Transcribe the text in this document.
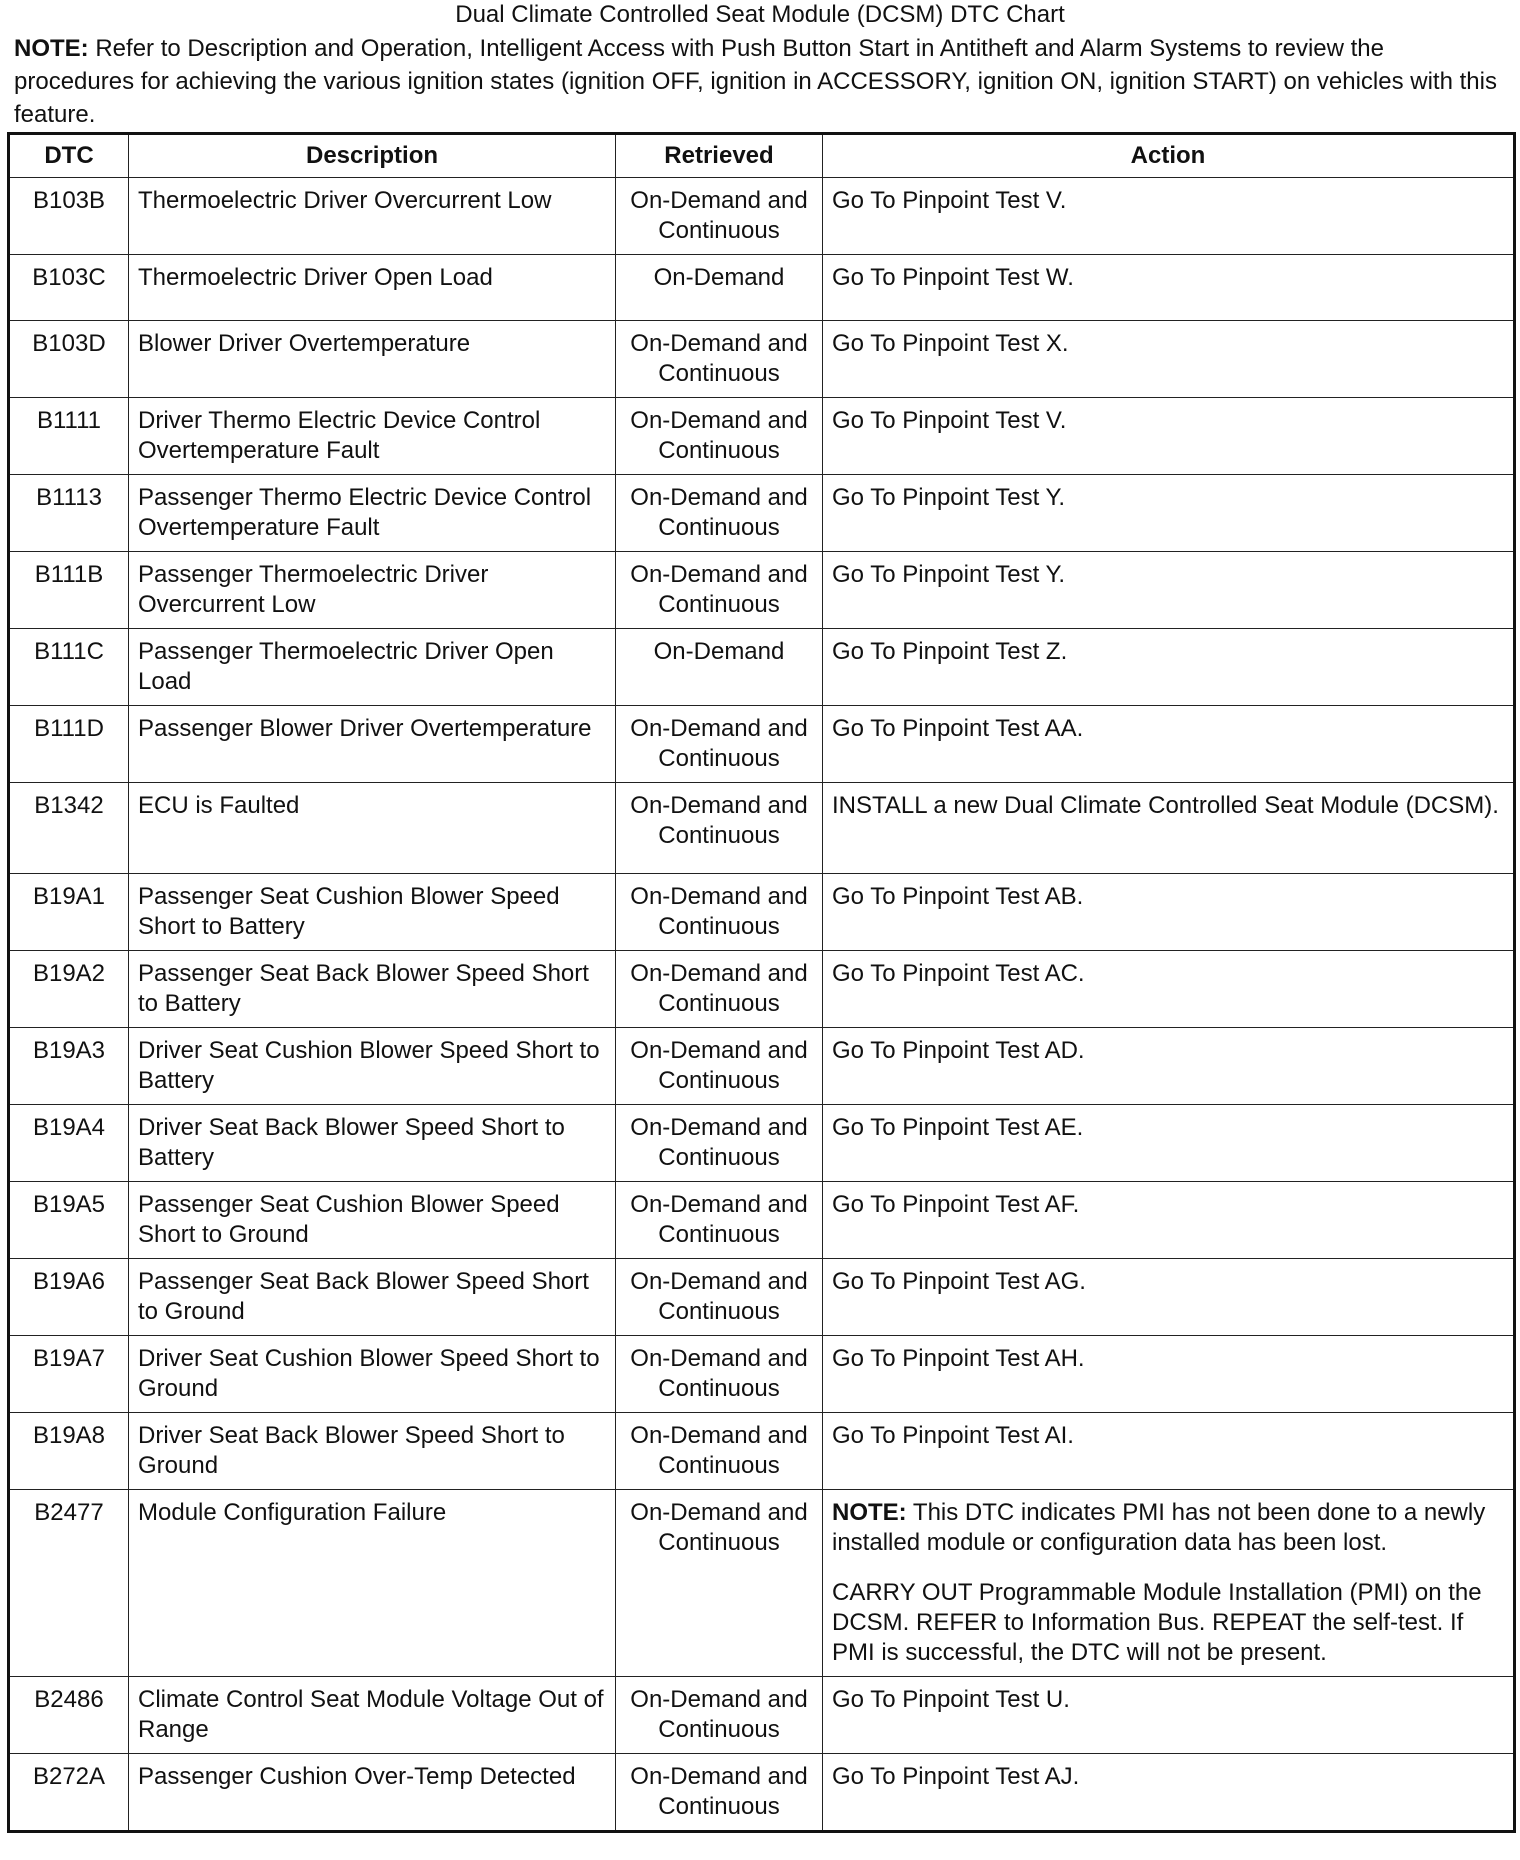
Dual Climate Controlled Seat Module (DCSM) DTC Chart
NOTE: Refer to Description and Operation, Intelligent Access with Push Button Start in Antitheft and Alarm Systems to review the procedures for achieving the various ignition states (ignition OFF, ignition in ACCESSORY, ignition ON, ignition START) on vehicles with this feature.
DTC	Description	Retrieved	Action
B103B	Thermoelectric Driver Overcurrent Low	On-Demand and Continuous	Go To Pinpoint Test V.
B103C	Thermoelectric Driver Open Load	On-Demand	Go To Pinpoint Test W.
B103D	Blower Driver Overtemperature	On-Demand and Continuous	Go To Pinpoint Test X.
B1111	Driver Thermo Electric Device Control Overtemperature Fault	On-Demand and Continuous	Go To Pinpoint Test V.
B1113	Passenger Thermo Electric Device Control Overtemperature Fault	On-Demand and Continuous	Go To Pinpoint Test Y.
B111B	Passenger Thermoelectric Driver Overcurrent Low	On-Demand and Continuous	Go To Pinpoint Test Y.
B111C	Passenger Thermoelectric Driver Open Load	On-Demand	Go To Pinpoint Test Z.
B111D	Passenger Blower Driver Overtemperature	On-Demand and Continuous	Go To Pinpoint Test AA.
B1342	ECU is Faulted	On-Demand and Continuous	INSTALL a new Dual Climate Controlled Seat Module (DCSM).
B19A1	Passenger Seat Cushion Blower Speed Short to Battery	On-Demand and Continuous	Go To Pinpoint Test AB.
B19A2	Passenger Seat Back Blower Speed Short to Battery	On-Demand and Continuous	Go To Pinpoint Test AC.
B19A3	Driver Seat Cushion Blower Speed Short to Battery	On-Demand and Continuous	Go To Pinpoint Test AD.
B19A4	Driver Seat Back Blower Speed Short to Battery	On-Demand and Continuous	Go To Pinpoint Test AE.
B19A5	Passenger Seat Cushion Blower Speed Short to Ground	On-Demand and Continuous	Go To Pinpoint Test AF.
B19A6	Passenger Seat Back Blower Speed Short to Ground	On-Demand and Continuous	Go To Pinpoint Test AG.
B19A7	Driver Seat Cushion Blower Speed Short to Ground	On-Demand and Continuous	Go To Pinpoint Test AH.
B19A8	Driver Seat Back Blower Speed Short to Ground	On-Demand and Continuous	Go To Pinpoint Test AI.
B2477	Module Configuration Failure	On-Demand and Continuous	NOTE: This DTC indicates PMI has not been done to a newly installed module or configuration data has been lost.
CARRY OUT Programmable Module Installation (PMI) on the DCSM. REFER to Information Bus. REPEAT the self-test. If PMI is successful, the DTC will not be present.

B2486	Climate Control Seat Module Voltage Out of Range	On-Demand and Continuous	Go To Pinpoint Test U.
B272A	Passenger Cushion Over-Temp Detected	On-Demand and Continuous	Go To Pinpoint Test AJ.
